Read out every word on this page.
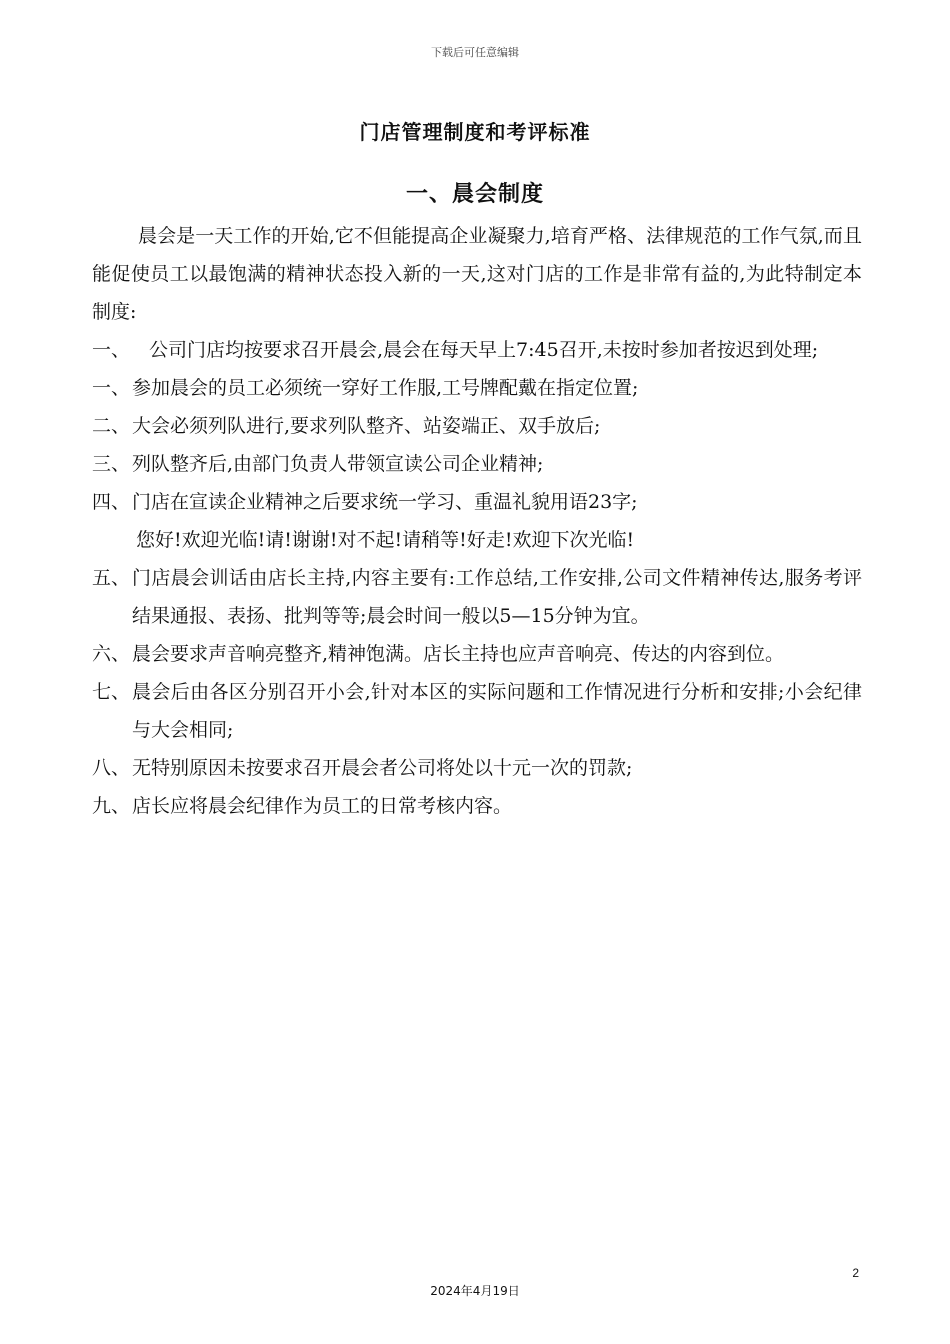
下载后可任意编辑
门店管理制度和考评标准
一、晨会制度

晨会是一天工作的开始,它不但能提高企业凝聚力,培育严格、法律规范的工作气氛,而且能促使员工以最饱满的精神状态投入新的一天,这对门店的工作是非常有益的,为此特制定本制度:

一、 公司门店均按要求召开晨会,晨会在每天早上7:45召开,未按时参加者按迟到处理;
一、 参加晨会的员工必须统一穿好工作服,工号牌配戴在指定位置;
二、 大会必须列队进行,要求列队整齐、站姿端正、双手放后;
三、 列队整齐后,由部门负责人带领宣读公司企业精神;
四、 门店在宣读企业精神之后要求统一学习、重温礼貌用语23字;

您好!欢迎光临!请!谢谢!对不起!请稍等!好走!欢迎下次光临!

五、 门店晨会训话由店长主持,内容主要有:工作总结,工作安排,公司文件精神传达,服务考评结果通报、表扬、批判等等;晨会时间一般以5—15分钟为宜。
六、 晨会要求声音响亮整齐,精神饱满。店长主持也应声音响亮、传达的内容到位。
七、 晨会后由各区分别召开小会,针对本区的实际问题和工作情况进行分析和安排;小会纪律与大会相同;
八、 无特别原因未按要求召开晨会者公司将处以十元一次的罚款;
九、 店长应将晨会纪律作为员工的日常考核内容。
2
2024年4月19日
